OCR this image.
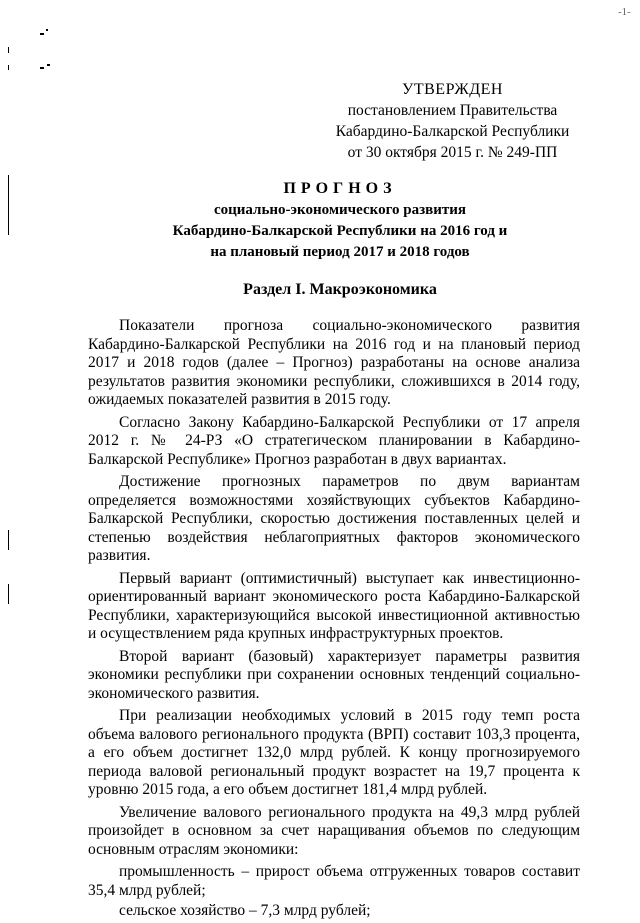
-1-
УТВЕРЖДЕН
постановлением Правительства
Кабардино-Балкарской Республики
от 30 октября 2015 г. № 249-ПП
ПРОГНОЗ
социально-экономического развития
Кабардино-Балкарской Республики на 2016 год и
на плановый период 2017 и 2018 годов
Раздел I. Макроэкономика

Показатели прогноза социально-экономического развития Кабардино-Балкарской Республики на 2016 год и на плановый период 2017 и 2018 годов (далее – Прогноз) разработаны на основе анализа результатов развития экономики республики, сложившихся в 2014 году, ожидаемых показателей развития в 2015 году.

Согласно Закону Кабардино-Балкарской Республики от 17 апреля 2012 г. № 24-РЗ «О стратегическом планировании в Кабардино-Балкарской Республике» Прогноз разработан в двух вариантах.

Достижение прогнозных параметров по двум вариантам определяется возможностями хозяйствующих субъектов Кабардино-Балкарской Республики, скоростью достижения поставленных целей и степенью воздействия неблагоприятных факторов экономического развития.

Первый вариант (оптимистичный) выступает как инвестиционно-ориентированный вариант экономического роста Кабардино-Балкарской Республики, характеризующийся высокой инвестиционной активностью и осуществлением ряда крупных инфраструктурных проектов.

Второй вариант (базовый) характеризует параметры развития экономики республики при сохранении основных тенденций социально-экономического развития.

При реализации необходимых условий в 2015 году темп роста объема валового регионального продукта (ВРП) составит 103,3 процента, а его объем достигнет 132,0 млрд рублей. К концу прогнозируемого периода валовой региональный продукт возрастет на 19,7 процента к уровню 2015 года, а его объем достигнет 181,4 млрд рублей.

Увеличение валового регионального продукта на 49,3 млрд рублей произойдет в основном за счет наращивания объемов по следующим основным отраслям экономики:

промышленность – прирост объема отгруженных товаров составит 35,4 млрд рублей;

сельское хозяйство – 7,3 млрд рублей;
